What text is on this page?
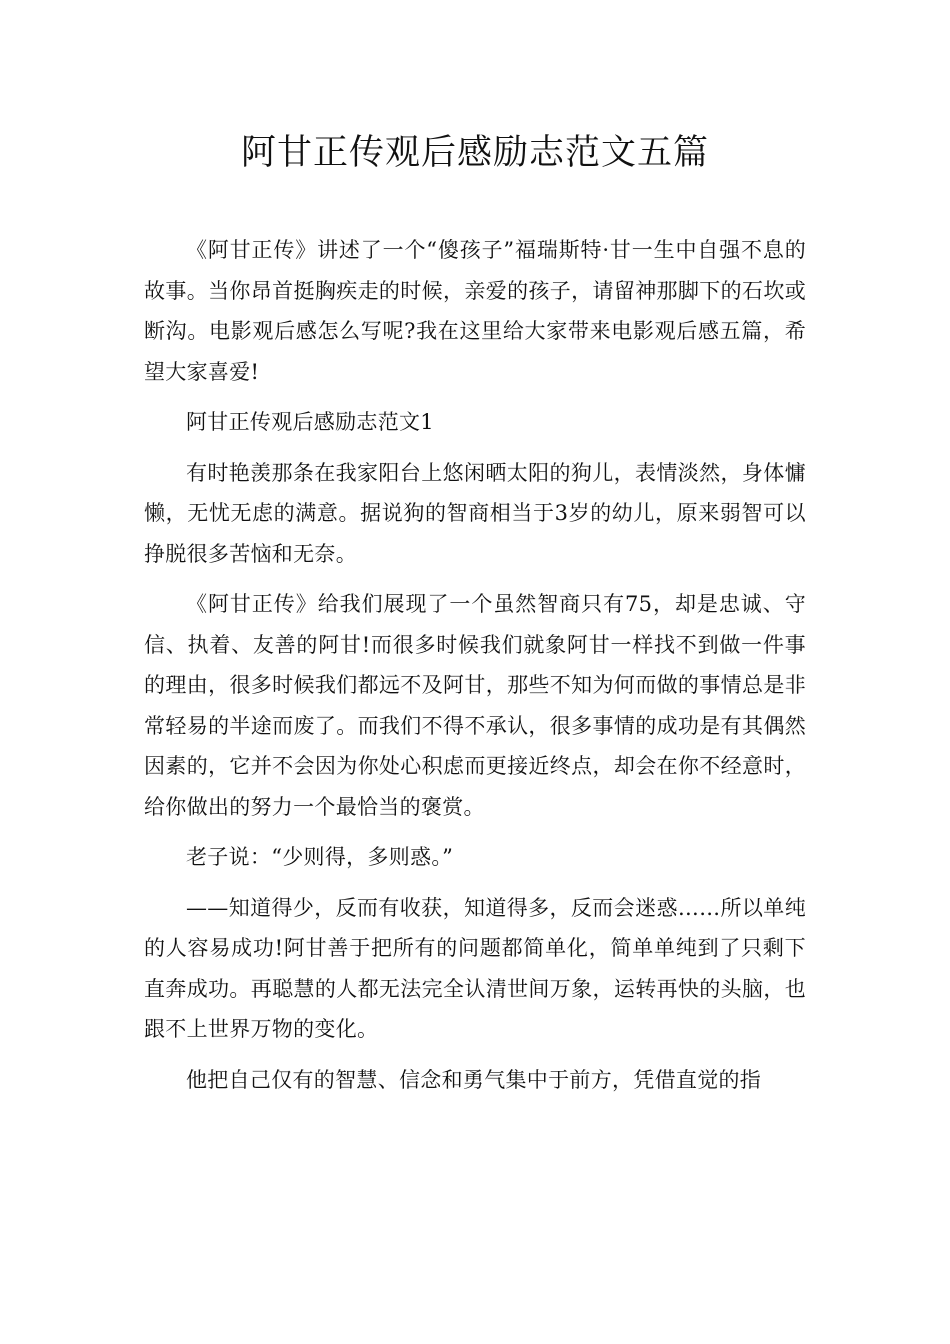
阿甘正传观后感励志范文五篇

《阿甘正传》讲述了一个“傻孩子”福瑞斯特·甘一生中自强不息的故事。当你昂首挺胸疾走的时候，亲爱的孩子，请留神那脚下的石坎或断沟。电影观后感怎么写呢?我在这里给大家带来电影观后感五篇，希望大家喜爱!

阿甘正传观后感励志范文1

有时艳羡那条在我家阳台上悠闲晒太阳的狗儿，表情淡然，身体慵懒，无忧无虑的满意。据说狗的智商相当于3岁的幼儿，原来弱智可以挣脱很多苦恼和无奈。

《阿甘正传》给我们展现了一个虽然智商只有75，却是忠诚、守信、执着、友善的阿甘!而很多时候我们就象阿甘一样找不到做一件事的理由，很多时候我们都远不及阿甘，那些不知为何而做的事情总是非常轻易的半途而废了。而我们不得不承认，很多事情的成功是有其偶然因素的，它并不会因为你处心积虑而更接近终点，却会在你不经意时，给你做出的努力一个最恰当的褒赏。

老子说：“少则得，多则惑。”

——知道得少，反而有收获，知道得多，反而会迷惑……所以单纯的人容易成功!阿甘善于把所有的问题都简单化，简单单纯到了只剩下直奔成功。再聪慧的人都无法完全认清世间万象，运转再快的头脑，也跟不上世界万物的变化。

他把自己仅有的智慧、信念和勇气集中于前方，凭借直觉的指
